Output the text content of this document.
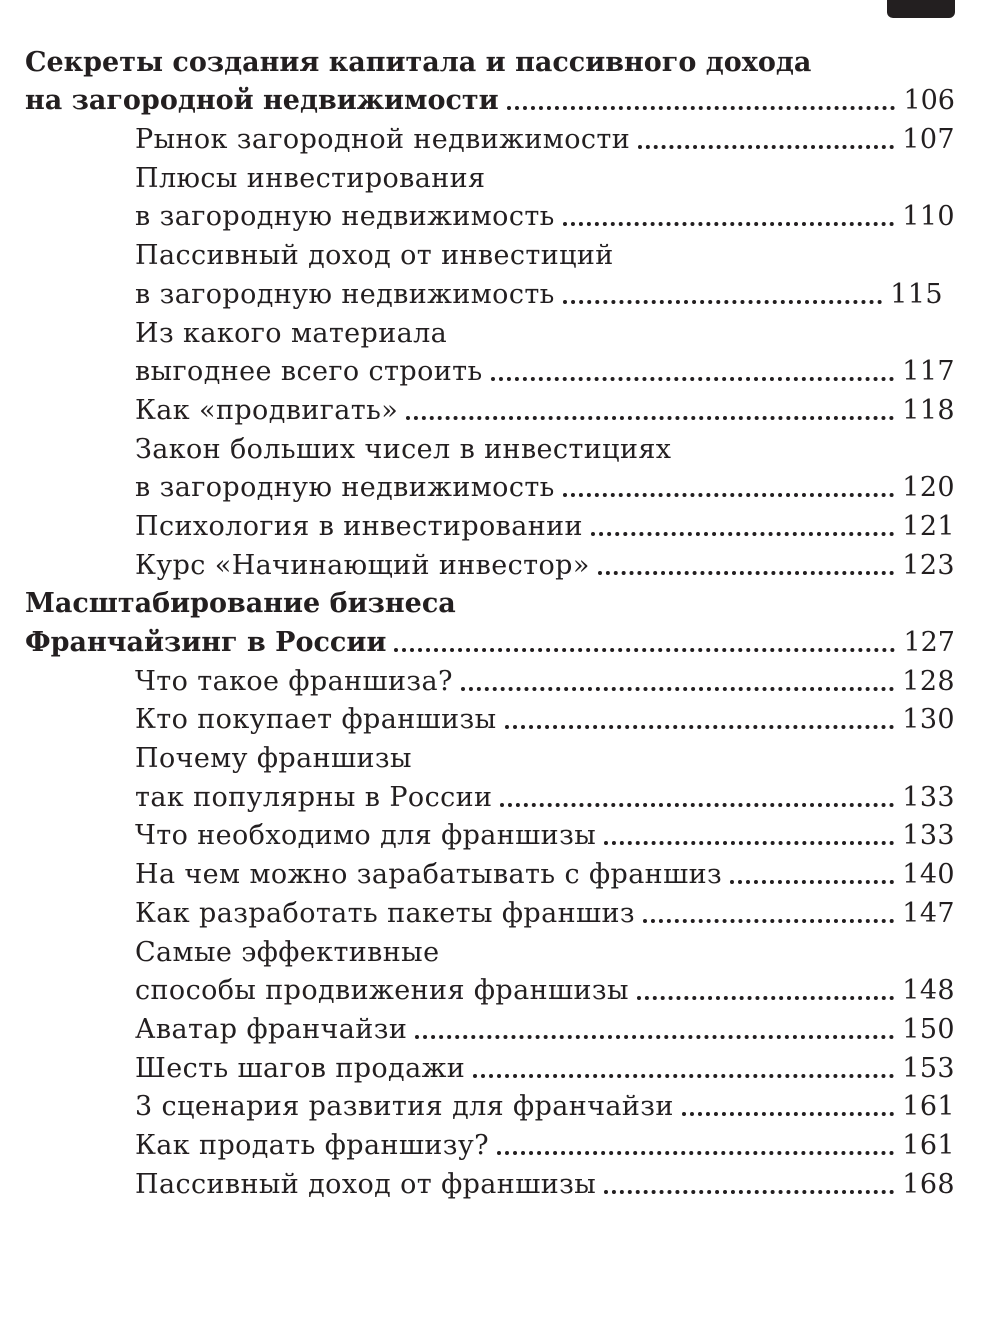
Секреты создания капитала и пассивного дохода
на загородной недвижимости	106
Рынок загородной недвижимости	107
Плюсы инвестирования
в загородную недвижимость	110
Пассивный доход от инвестиций
в загородную недвижимость	115
Из какого материала
выгоднее всего строить	117
Как «продвигать»	118
Закон больших чисел в инвестициях
в загородную недвижимость	120
Психология в инвестировании	121
Курс «Начинающий инвестор»	123
Масштабирование бизнеса
Франчайзинг в России	127
Что такое франшиза?	128
Кто покупает франшизы	130
Почему франшизы
так популярны в России	133
Что необходимо для франшизы	133
На чем можно зарабатывать с франшиз	140
Как разработать пакеты франшиз	147
Самые эффективные
способы продвижения франшизы	148
Аватар франчайзи	150
Шесть шагов продажи	153
3 сценария развития для франчайзи	161
Как продать франшизу?	161
Пассивный доход от франшизы	168
